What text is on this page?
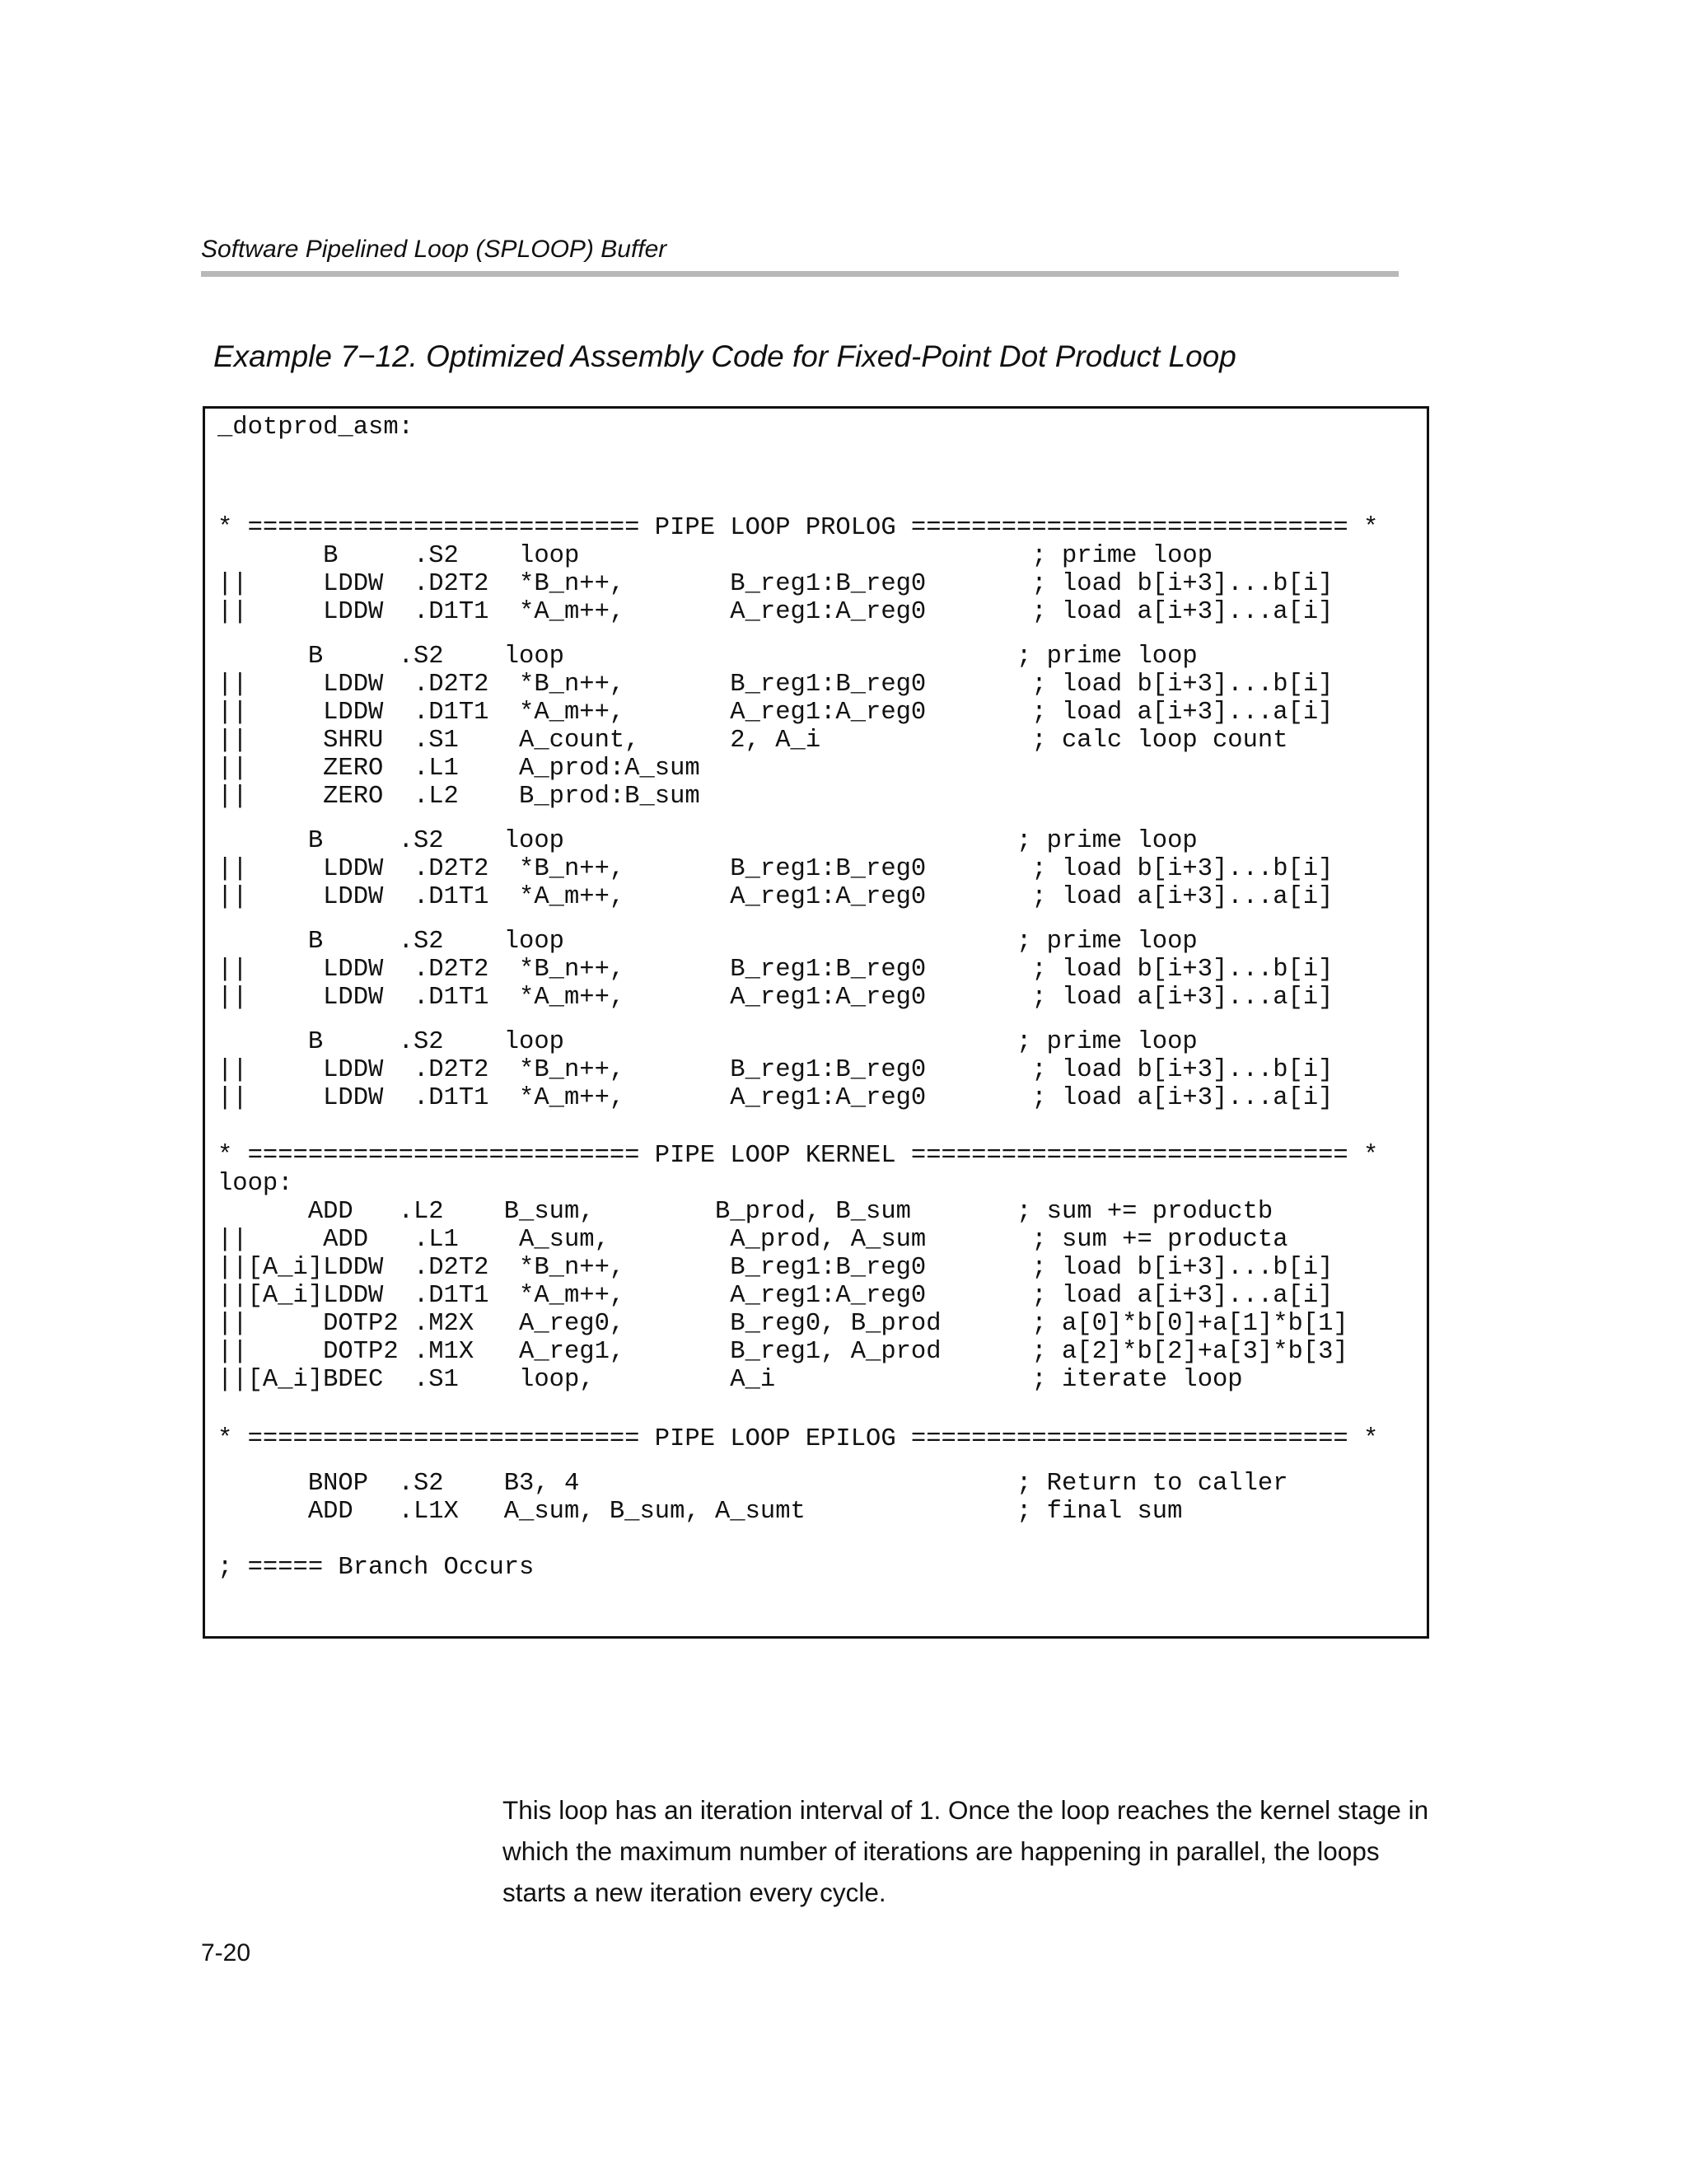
Software Pipelined Loop (SPLOOP) Buffer
Example 7−12. Optimized Assembly Code for Fixed-Point Dot Product Loop
_dotprod_asm:
* ========================== PIPE LOOP PROLOG ============================= *
B     .S2    loop                              ; prime loop
||     LDDW  .D2T2  *B_n++,       B_reg1:B_reg0       ; load b[i+3]...b[i]
||     LDDW  .D1T1  *A_m++,       A_reg1:A_reg0       ; load a[i+3]...a[i]
B     .S2    loop                              ; prime loop
||     LDDW  .D2T2  *B_n++,       B_reg1:B_reg0       ; load b[i+3]...b[i]
||     LDDW  .D1T1  *A_m++,       A_reg1:A_reg0       ; load a[i+3]...a[i]
||     SHRU  .S1    A_count,      2, A_i              ; calc loop count
||     ZERO  .L1    A_prod:A_sum
||     ZERO  .L2    B_prod:B_sum
B     .S2    loop                              ; prime loop
||     LDDW  .D2T2  *B_n++,       B_reg1:B_reg0       ; load b[i+3]...b[i]
||     LDDW  .D1T1  *A_m++,       A_reg1:A_reg0       ; load a[i+3]...a[i]
B     .S2    loop                              ; prime loop
||     LDDW  .D2T2  *B_n++,       B_reg1:B_reg0       ; load b[i+3]...b[i]
||     LDDW  .D1T1  *A_m++,       A_reg1:A_reg0       ; load a[i+3]...a[i]
B     .S2    loop                              ; prime loop
||     LDDW  .D2T2  *B_n++,       B_reg1:B_reg0       ; load b[i+3]...b[i]
||     LDDW  .D1T1  *A_m++,       A_reg1:A_reg0       ; load a[i+3]...a[i]
* ========================== PIPE LOOP KERNEL ============================= *
loop:
ADD   .L2    B_sum,        B_prod, B_sum       ; sum += productb
||     ADD   .L1    A_sum,        A_prod, A_sum       ; sum += producta
||[A_i]LDDW  .D2T2  *B_n++,       B_reg1:B_reg0       ; load b[i+3]...b[i]
||[A_i]LDDW  .D1T1  *A_m++,       A_reg1:A_reg0       ; load a[i+3]...a[i]
||     DOTP2 .M2X   A_reg0,       B_reg0, B_prod      ; a[0]*b[0]+a[1]*b[1]
||     DOTP2 .M1X   A_reg1,       B_reg1, A_prod      ; a[2]*b[2]+a[3]*b[3]
||[A_i]BDEC  .S1    loop,         A_i                 ; iterate loop
* ========================== PIPE LOOP EPILOG ============================= *
BNOP  .S2    B3, 4                             ; Return to caller
ADD   .L1X   A_sum, B_sum, A_sumt              ; final sum
; ===== Branch Occurs

This loop has an iteration interval of 1. Once the loop reaches the kernel stage in which the maximum number of iterations are happening in parallel, the loops starts a new iteration every cycle.

7-20
